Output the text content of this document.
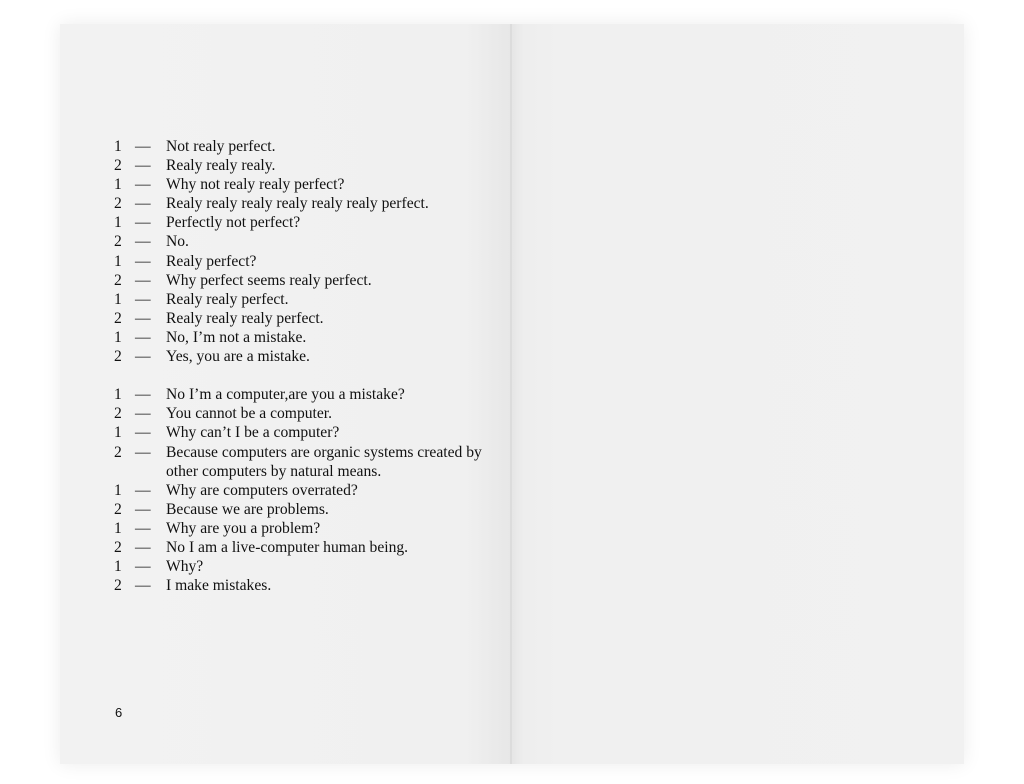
1 — Not realy perfect.
2 — Realy realy realy.
1 — Why not realy realy perfect?
2 — Realy realy realy realy realy realy perfect.
1 — Perfectly not perfect?
2 — No.
1 — Realy perfect?
2 — Why perfect seems realy perfect.
1 — Realy realy perfect.
2 — Realy realy realy perfect.
1 — No, I’m not a mistake.
2 — Yes, you are a mistake.
1 — No I’m a computer,are you a mistake?
2 — You cannot be a computer.
1 — Why can’t I be a computer?
2 — Because computers are organic systems created by other computers by natural means.
1 — Why are computers overrated?
2 — Because we are problems.
1 — Why are you a problem?
2 — No I am a live-computer human being.
1 — Why?
2 — I make mistakes.
6
